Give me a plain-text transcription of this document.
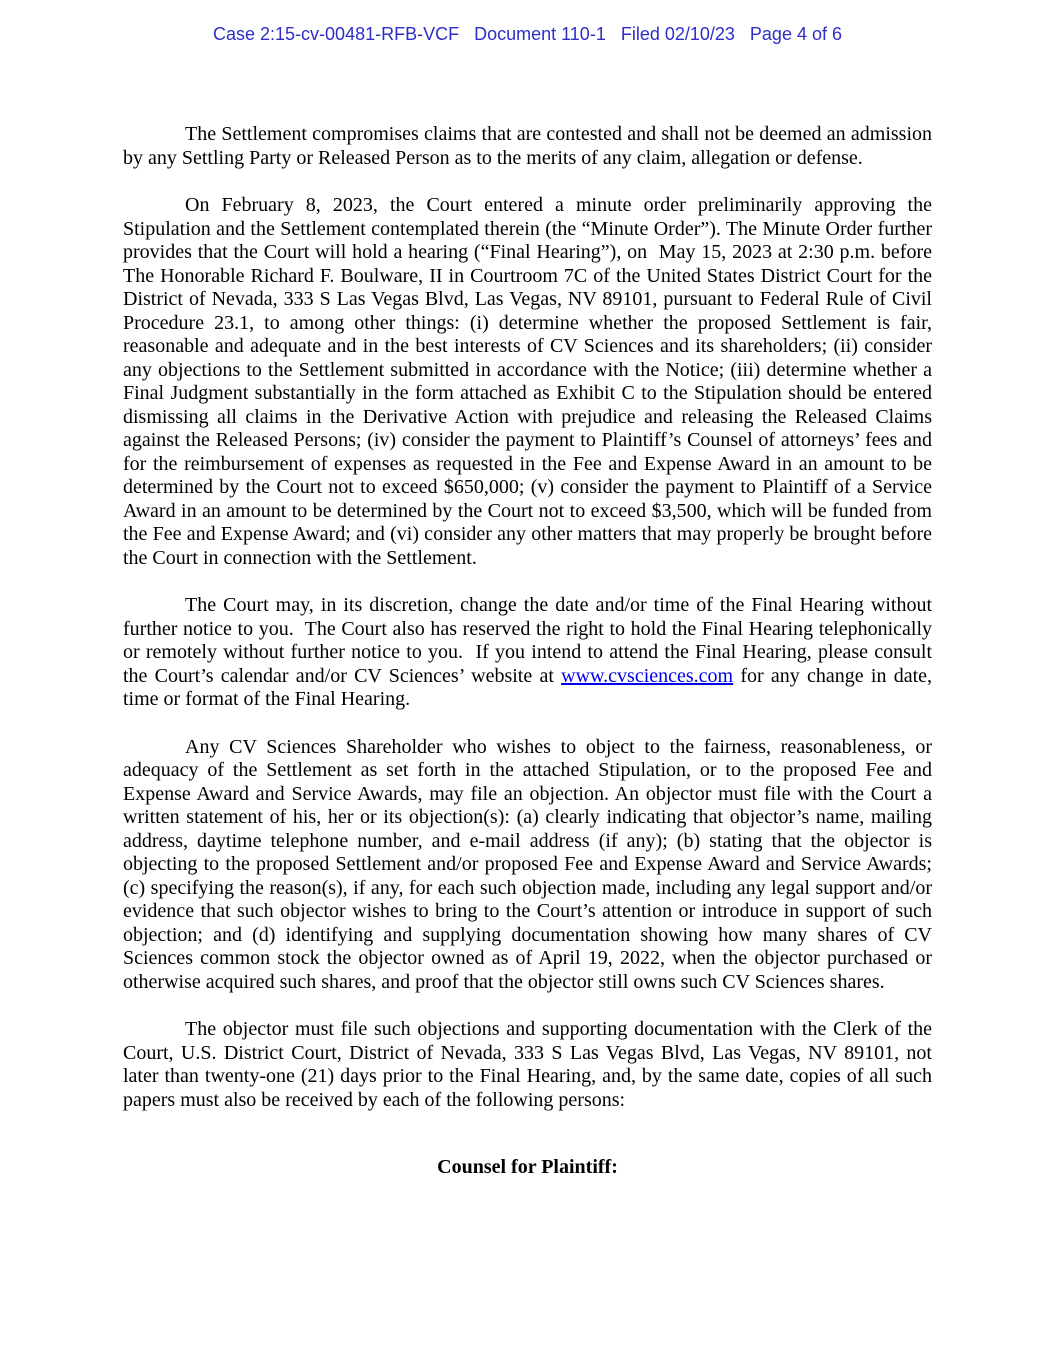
Case 2:15-cv-00481-RFB-VCF   Document 110-1   Filed 02/10/23   Page 4 of 6

The Settlement compromises claims that are contested and shall not be deemed an admission by any Settling Party or Released Person as to the merits of any claim, allegation or defense.

On February 8, 2023, the Court entered a minute order preliminarily approving the Stipulation and the Settlement contemplated therein (the “Minute Order”). The Minute Order further provides that the Court will hold a hearing (“Final Hearing”), on  May 15, 2023 at 2:30 p.m. before The Honorable Richard F. Boulware, II in Courtroom 7C of the United States District Court for the District of Nevada, 333 S Las Vegas Blvd, Las Vegas, NV 89101, pursuant to Federal Rule of Civil Procedure 23.1, to among other things: (i) determine whether the proposed Settlement is fair, reasonable and adequate and in the best interests of CV Sciences and its shareholders; (ii) consider any objections to the Settlement submitted in accordance with the Notice; (iii) determine whether a Final Judgment substantially in the form attached as Exhibit C to the Stipulation should be entered dismissing all claims in the Derivative Action with prejudice and releasing the Released Claims against the Released Persons; (iv) consider the payment to Plaintiff’s Counsel of attorneys’ fees and for the reimbursement of expenses as requested in the Fee and Expense Award in an amount to be determined by the Court not to exceed $650,000; (v) consider the payment to Plaintiff of a Service Award in an amount to be determined by the Court not to exceed $3,500, which will be funded from the Fee and Expense Award; and (vi) consider any other matters that may properly be brought before the Court in connection with the Settlement.

The Court may, in its discretion, change the date and/or time of the Final Hearing without further notice to you.  The Court also has reserved the right to hold the Final Hearing telephonically or remotely without further notice to you.  If you intend to attend the Final Hearing, please consult the Court’s calendar and/or CV Sciences’ website at www.cvsciences.com for any change in date, time or format of the Final Hearing.

Any CV Sciences Shareholder who wishes to object to the fairness, reasonableness, or adequacy of the Settlement as set forth in the attached Stipulation, or to the proposed Fee and Expense Award and Service Awards, may file an objection. An objector must file with the Court a written statement of his, her or its objection(s): (a) clearly indicating that objector’s name, mailing address, daytime telephone number, and e-mail address (if any); (b) stating that the objector is objecting to the proposed Settlement and/or proposed Fee and Expense Award and Service Awards; (c) specifying the reason(s), if any, for each such objection made, including any legal support and/or evidence that such objector wishes to bring to the Court’s attention or introduce in support of such objection; and (d) identifying and supplying documentation showing how many shares of CV Sciences common stock the objector owned as of April 19, 2022, when the objector purchased or otherwise acquired such shares, and proof that the objector still owns such CV Sciences shares.

The objector must file such objections and supporting documentation with the Clerk of the Court, U.S. District Court, District of Nevada, 333 S Las Vegas Blvd, Las Vegas, NV 89101, not later than twenty-one (21) days prior to the Final Hearing, and, by the same date, copies of all such papers must also be received by each of the following persons:

Counsel for Plaintiff:
